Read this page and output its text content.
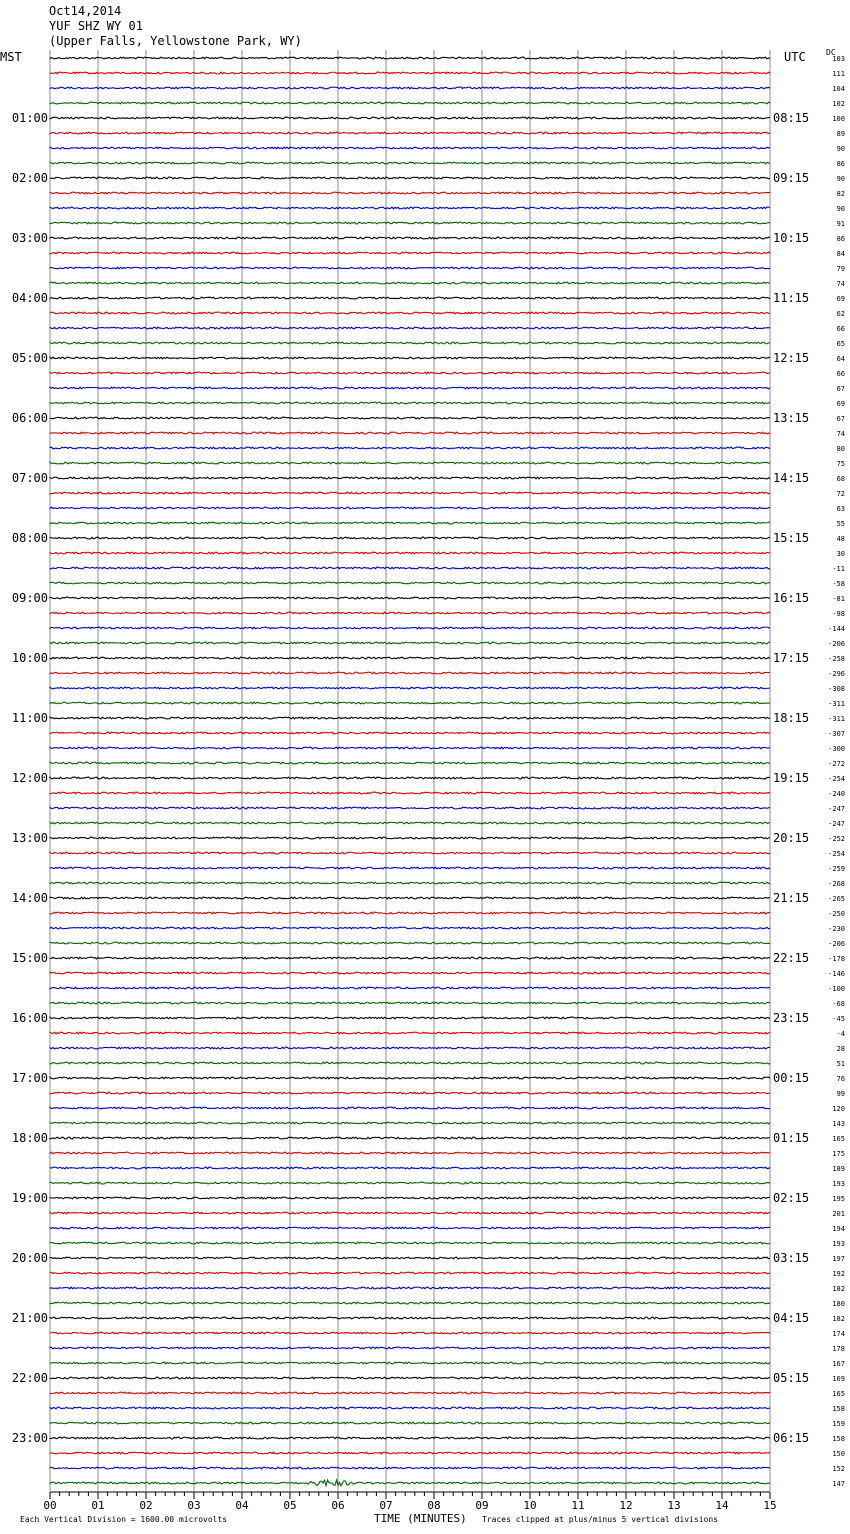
Oct14,2014
YUF SHZ WY 01
(Upper Falls, Yellowstone Park, WY)
MST	UTC	DC
00	01	02	03	04	05	06	07	08	09	10	11	12	13	14	15
01:00
02:00
03:00
04:00
05:00
06:00
07:00
08:00
09:00
10:00
11:00
12:00
13:00
14:00
15:00
16:00
17:00
18:00
19:00
20:00
21:00
22:00
23:00
08:15
09:15
10:15
11:15
12:15
13:15
14:15
15:15
16:15
17:15
18:15
19:15
20:15
21:15
22:15
23:15
00:15
01:15
02:15
03:15
04:15
05:15
06:15
103
111
104
102
100
89
90
86
90
82
90
91
86
84
79
74
69
62
66
65
64
66
67
69
67
74
80
75
68
72
63
55
48
30
-11
-58
-81
-98
-144
-206
-258
-296
-308
-311
-311
-307
-300
-272
-254
-240
-247
-247
-252
-254
-259
-268
-265
-250
-230
-206
-178
-146
-100
-68
-45
-4
28
51
76
99
120
143
165
175
189
193
195
201
194
193
197
192
182
180
182
174
178
167
169
165
158
159
158
150
152
147
Each Vertical Division = 1600.00 microvolts	TIME (MINUTES) Traces clipped at plus/minus 5 vertical divisions
